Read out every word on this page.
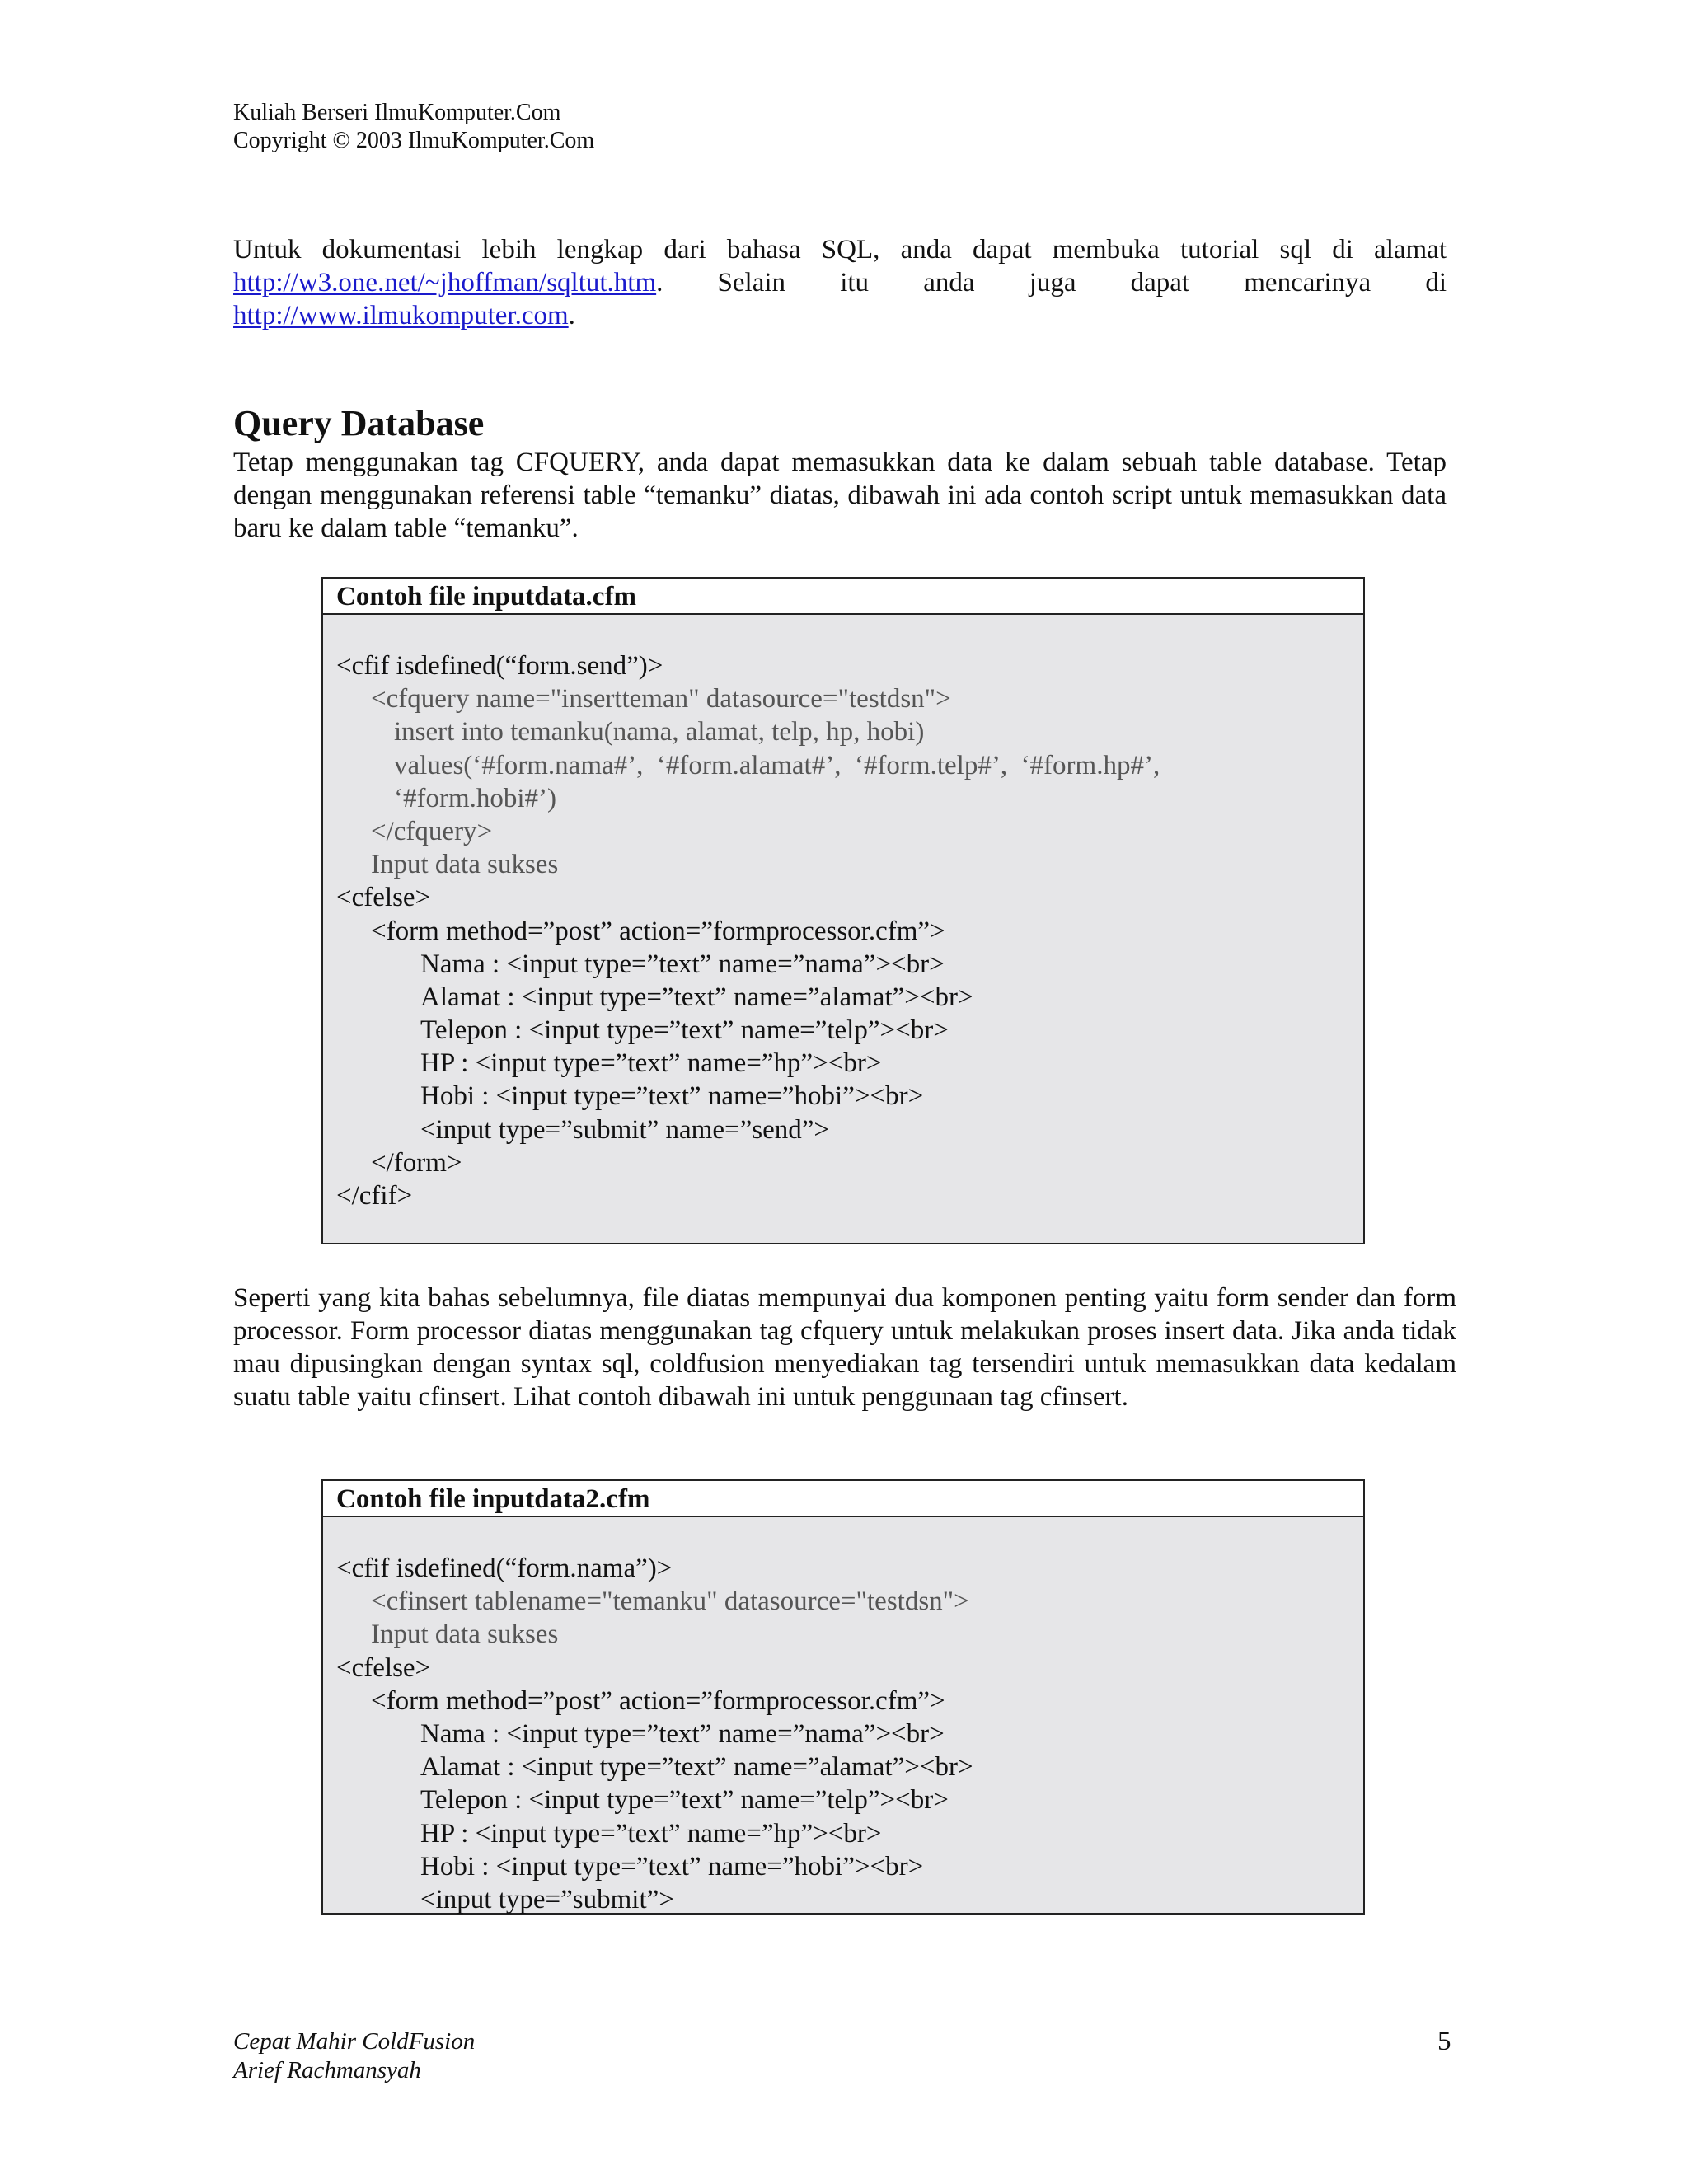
Kuliah Berseri IlmuKomputer.Com
Copyright © 2003 IlmuKomputer.Com
Untuk dokumentasi lebih lengkap dari bahasa SQL, anda dapat membuka tutorial sql di alamat http://w3.one.net/~jhoffman/sqltut.htm. Selain itu anda juga dapat mencarinya di http://www.ilmukomputer.com.
Query Database
Tetap menggunakan tag CFQUERY, anda dapat memasukkan data ke dalam sebuah table database. Tetap dengan menggunakan referensi table “temanku” diatas, dibawah ini ada contoh script untuk memasukkan data baru ke dalam table “temanku”.
Contoh file inputdata.cfm
<cfif isdefined(“form.send”)>
<cfquery name="insertteman" datasource="testdsn">
insert into temanku(nama, alamat, telp, hp, hobi)
values(‘#form.nama#’,  ‘#form.alamat#’,  ‘#form.telp#’,  ‘#form.hp#’,
‘#form.hobi#’)
</cfquery>
Input data sukses
<cfelse>
<form method=”post” action=”formprocessor.cfm”>
Nama : <input type=”text” name=”nama”><br>
Alamat : <input type=”text” name=”alamat”><br>
Telepon : <input type=”text” name=”telp”><br>
HP : <input type=”text” name=”hp”><br>
Hobi : <input type=”text” name=”hobi”><br>
<input type=”submit” name=”send”>
</form>
</cfif>
Seperti yang kita bahas sebelumnya, file diatas mempunyai dua komponen penting yaitu form sender dan form processor. Form processor diatas menggunakan tag cfquery untuk melakukan proses insert data. Jika anda tidak mau dipusingkan dengan syntax sql, coldfusion menyediakan tag tersendiri untuk memasukkan data kedalam suatu table yaitu cfinsert. Lihat contoh dibawah ini untuk penggunaan tag cfinsert.
Contoh file inputdata2.cfm
<cfif isdefined(“form.nama”)>
<cfinsert tablename="temanku" datasource="testdsn">
Input data sukses
<cfelse>
<form method=”post” action=”formprocessor.cfm”>
Nama : <input type=”text” name=”nama”><br>
Alamat : <input type=”text” name=”alamat”><br>
Telepon : <input type=”text” name=”telp”><br>
HP : <input type=”text” name=”hp”><br>
Hobi : <input type=”text” name=”hobi”><br>
<input type=”submit”>
Cepat Mahir ColdFusion
Arief Rachmansyah
5
